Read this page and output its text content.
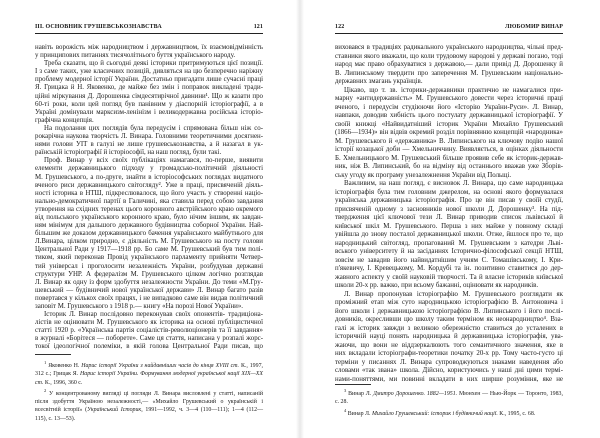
ІІІ. ОСНОВНИК ГРУШЕВСЬКОЗНАВСТВА	121
навіть ворожість між народництвом і державництвом, їх взаємовідмінність
у принципових питаннях тисячолітнього буття українського народу.
Треба сказати, що й сьогодні деякі історики притримуються цієї позиції.
І з саме таких, уже класичних позицій, дивляться на цю безперечно наріжну
проблему модерної історії України. Достатньо пригадати лише сучасні праці
Я. Грицака й Н. Яковенко, де майже без змін і поправок викладені тради-
ційні міркування Д. Дорошенка сімдесятирічної давнини¹. Що ж казати про
60-ті роки, коли цей погляд був панівним у діаспорній історіографії, а в
Україні домінували марксизм-ленінізм і великодержавна російська історіо-
графічна концепція.
На подолання цих поглядів була передусім і спрямована більш ніж со-
рокарічна наукова творчість Л. Винара. Головними теоретичними досягнен-
нями голови УІТ в галузі не лише грушевськознавства, а й назагал в ук-
раїнській історіографії й історіософії, на наш погляд, були такі.
Проф. Винар у всіх своїх публікаціях намагався, по-перше, виявити
елементи державницького підходу у громадсько-політичній діяльності
М. Грушевського, а по-друге, знайти в історіософських поглядах видатного
вченого риси державницького світогляду². Уже в праці, присвяченій діяль-
ності історика в НТШ, підкреслювалося, що його участь у створенні націо-
нально-демократичної партії в Галичині, яка ставила перед собою завдання
утворення на східних теренах цього коронного австрійського краю окремого
від польського українського коронного краю, було нічим іншим, як завдан-
ням мінімум для дальшого державного будівництва соборної України. Най-
більшим же доказом державницького бачення українського майбутнього для
Л.Винара, цілком природно, є діяльність М. Грушевського на посту голови
Центральної Ради у 1917—1918 рр. Бо саме М. Грушевський був тим полі-
тиком, який переконав Провід українського парламенту прийняти Четвер-
тий універсал і проголосити незалежність України, розбудував державні
структури УНР. А федералізм М. Грушевського цілком логічно розглядав
Л. Винар як одну із форм здобуття незалежности України. До теми «М.Гру-
шевський — будівничий нової української держави» Л. Винар багато разів
повертався у кількох своїх працях, і не випадково саме він видав політичний
заповіт М. Грушевського з 1918 р.— книгу «На порозі Нової України».
Історик Л. Винар послідовно переконував своїх опонентів- традиціона-
лістів не оцінювати М. Грушевського як історика на основі публіцистичної
статті 1920 р. «Українська партія соціалістів-революціонерів та її завдання»
в журналі «Борітеся — поборете». Саме ця стаття, написана у розпалі жорс-
токої ідеологічної полеміки, в якій голова Центральної Ради писав, що

$^1$ Яковенко Н. Нарис історії України з найдавніших часів до кінця XVIII ст. К., 1997, 312 с.; Грицак Я. Нарис історії України. Формування модерної української нації XIX—XX ст. К., 1996, 360 с.

$^2$ У концентрованому вигляді ці погляди Л. Винара висловлені у статті, написаній після здобуття Україною незалежності,— «Михайло Грушевський о українській і всесвітній історії» (Український Історик, 1991—1992, ч. 3—4 (110—111); 1—4 (112—115), с. 13—53).

122	ЛЮБОМИР ВИНАР
виховався в традиціях радикального українського народництва, чільні пред-
ставники якого вважали, що коли трудовому народові у державі погано, тоді
народ має право обрахуватися з державою,— дали привід Д. Дорошенку й
В. Липинському твердити про заперечення М. Грушевським національно-
державних змагань українців.
Цікаво, що т. зв. історики-державники практично не намагалися при-
марну «антидержавність» М. Грушевського довести через історичні праці
вченого, і передусім студіюючи його «Історію України-Руси». Л. Винар,
навпаки, доводив хибність цього постулату державницької історіографії. У
своїй книжці «Найвидатніший історик України Михайло Грушевський
(1866—1934)» він відвів окремий розділ порівнянню концепцій «народника»
М. Грушевського й «державника» В. Липинського на ключову подію нашої
історії козацької доби — Хмельниччину. Виявляється, в оцінках діяльности
Б. Хмельницького М. Грушевський більше проявив себе як історик-держав-
ник, ніж В. Липинський, бо на відміну від останнього вважав уже Зборів-
ську угоду як програму унезалежнення України від Польщі.
Важливим, на наш погляд, є висновок Л. Винара, що саме народницька
історіографія була тим головним джерелом, на основі якого формувалася
українська державницька історіографія. Про це він писав у своїй студії,
присвяченій одному з засновників нової школи Д. Дорошенку³. На під-
твердження цієї ключової тези Л. Винар приводив список львівської й
київської шкіл М. Грушевського. Перша з них майже у повному складі
увійшла до знову посталої державницької школи. Отже, йшлося про те, що
народницький світогляд, пропагований М. Грушевським з катедри Льві-
вського університету й на засіданнях Історично-філософської секції НТШ,
зовсім не завадив його найвидатнішим учням С. Томашівському, І. Кри-
п'якевичу, І. Кревецькому, М. Кордубі та ін. позитивно ставитися до дер-
жавного аспекту у своїй науковій творчості. Та й власне істориків київської
школи 20-х рр. важко, при всьому бажанні, оцінювати як народників.
Л. Винар пропонував історіографію М. Грушевського розглядати як
проміжний етап між суто народницькою історіографією В. Антоновича і
його школи і державницькою історіографією В. Липинського і його послі-
довників, окресливши цю школу таким терміном як неонародництво⁴. Вза-
галі ж історик завжди з великою обережністю ставиться до усталених в
історичній науці понять народницька й державницька історіографія, ува-
жаючи, що вони не віддзеркалюють того семантичного значення, яке в
них вкладали історіографи-теоретики початку 20-х рр. Тому часто-густо ці
терміни у писаннях Л. Винара супроводжуються знаками наведення або
словами «так звана» школа. Дійсно, користуючись у наші дні цими термі-
нами-поняттями, ми повинні вкладати в них ширше розуміння, яке не

$^3$ Винар Л. Дмитро Дорошенко. 1882—1951. Мюнхен — Нью-Йорк — Торонто, 1983, с. 28.

$^4$ Винар Л. Михайло Грушевський: історик і будівничий нації. К., 1995, с. 68.
